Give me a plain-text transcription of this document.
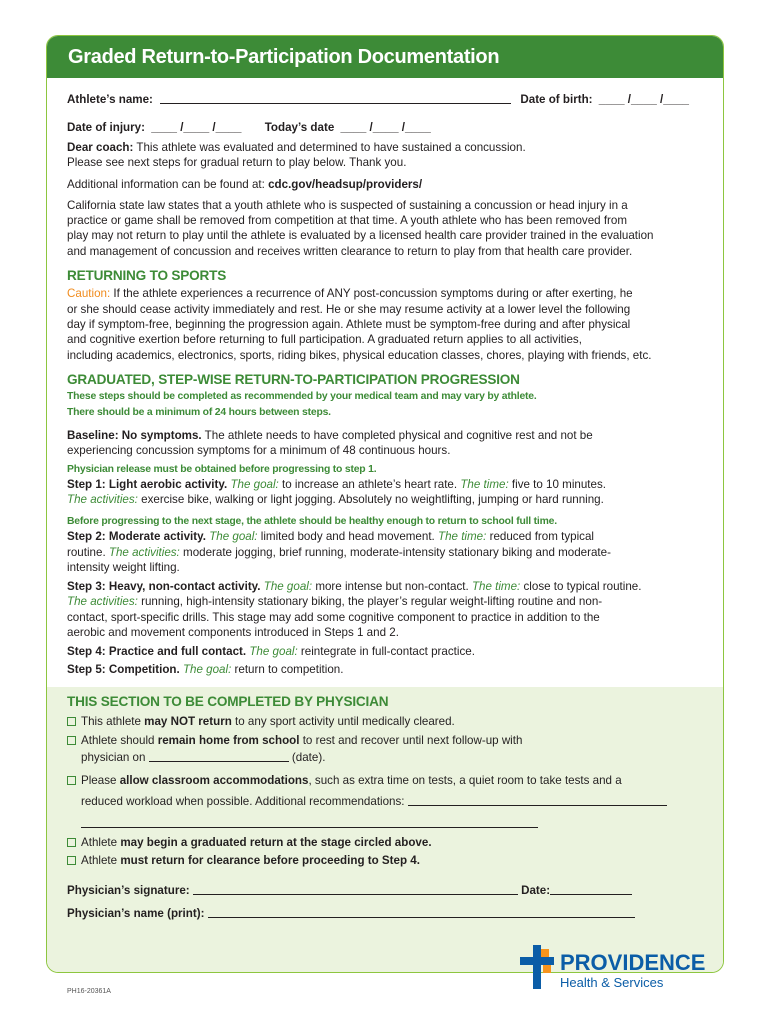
Graded Return-to-Participation Documentation
Athlete’s name:	Date of birth: ____ /____ /____
Date of injury: ____ /____ /____ Today’s date ____ /____ /____
Dear coach: This athlete was evaluated and determined to have sustained a concussion.
Please see next steps for gradual return to play below. Thank you.
Additional information can be found at: cdc.gov/headsup/providers/
California state law states that a youth athlete who is suspected of sustaining a concussion or head injury in a
practice or game shall be removed from competition at that time. A youth athlete who has been removed from
play may not return to play until the athlete is evaluated by a licensed health care provider trained in the evaluation
and management of concussion and receives written clearance to return to play from that health care provider.
RETURNING TO SPORTS
Caution: If the athlete experiences a recurrence of ANY post-concussion symptoms during or after exerting, he
or she should cease activity immediately and rest. He or she may resume activity at a lower level the following
day if symptom-free, beginning the progression again. Athlete must be symptom-free during and after physical
and cognitive exertion before returning to full participation. A graduated return applies to all activities,
including academics, electronics, sports, riding bikes, physical education classes, chores, playing with friends, etc.
GRADUATED, STEP-WISE RETURN-TO-PARTICIPATION PROGRESSION
These steps should be completed as recommended by your medical team and may vary by athlete.
There should be a minimum of 24 hours between steps.
Baseline: No symptoms. The athlete needs to have completed physical and cognitive rest and not be
experiencing concussion symptoms for a minimum of 48 continuous hours.
Physician release must be obtained before progressing to step 1.
Step 1: Light aerobic activity. The goal: to increase an athlete’s heart rate. The time: five to 10 minutes.
The activities: exercise bike, walking or light jogging. Absolutely no weightlifting, jumping or hard running.
Before progressing to the next stage, the athlete should be healthy enough to return to school full time.
Step 2: Moderate activity. The goal: limited body and head movement. The time: reduced from typical
routine. The activities: moderate jogging, brief running, moderate-intensity stationary biking and moderate-
intensity weight lifting.
Step 3: Heavy, non-contact activity. The goal: more intense but non-contact. The time: close to typical routine.
The activities: running, high-intensity stationary biking, the player’s regular weight-lifting routine and non-
contact, sport-specific drills. This stage may add some cognitive component to practice in addition to the
aerobic and movement components introduced in Steps 1 and 2.
Step 4: Practice and full contact. The goal: reintegrate in full-contact practice.
Step 5: Competition. The goal: return to competition.
THIS SECTION TO BE COMPLETED BY PHYSICIAN
This athlete may NOT return to any sport activity until medically cleared.
Athlete should remain home from school to rest and recover until next follow-up with
physician on	(date).
Please allow classroom accommodations, such as extra time on tests, a quiet room to take tests and a
reduced workload when possible. Additional recommendations:
Athlete may begin a graduated return at the stage circled above.
Athlete must return for clearance before proceeding to Step 4.
Physician’s signature:	Date:
Physician’s name (print):
PH16-20361A
PROVIDENCE
Health & Services
